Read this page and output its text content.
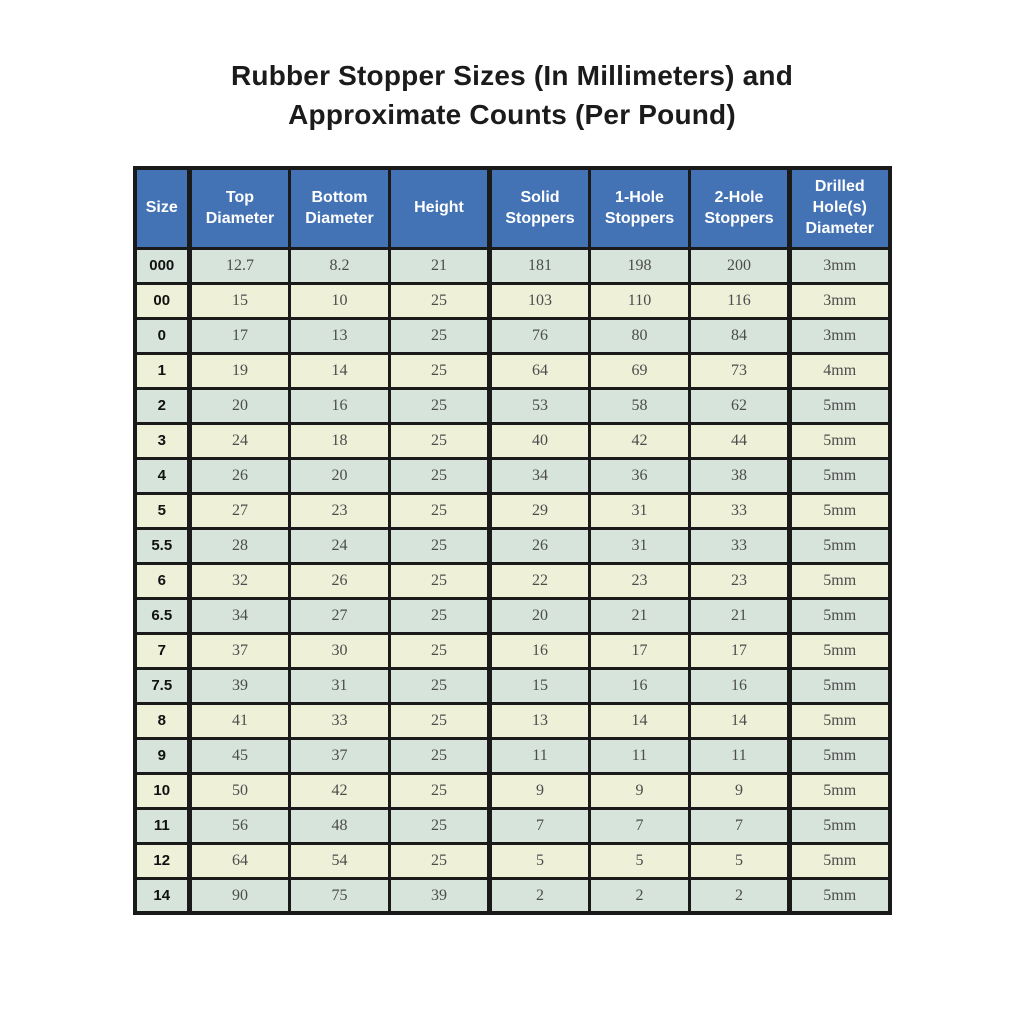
Rubber Stopper Sizes (In Millimeters) and
Approximate Counts (Per Pound)
Size	Top Diameter	Bottom Diameter	Height	Solid Stoppers	1-Hole Stoppers	2-Hole Stoppers	Drilled Hole(s) Diameter
000	12.7	8.2	21	181	198	200	3mm
00	15	10	25	103	110	116	3mm
0	17	13	25	76	80	84	3mm
1	19	14	25	64	69	73	4mm
2	20	16	25	53	58	62	5mm
3	24	18	25	40	42	44	5mm
4	26	20	25	34	36	38	5mm
5	27	23	25	29	31	33	5mm
5.5	28	24	25	26	31	33	5mm
6	32	26	25	22	23	23	5mm
6.5	34	27	25	20	21	21	5mm
7	37	30	25	16	17	17	5mm
7.5	39	31	25	15	16	16	5mm
8	41	33	25	13	14	14	5mm
9	45	37	25	11	11	11	5mm
10	50	42	25	9	9	9	5mm
11	56	48	25	7	7	7	5mm
12	64	54	25	5	5	5	5mm
14	90	75	39	2	2	2	5mm
